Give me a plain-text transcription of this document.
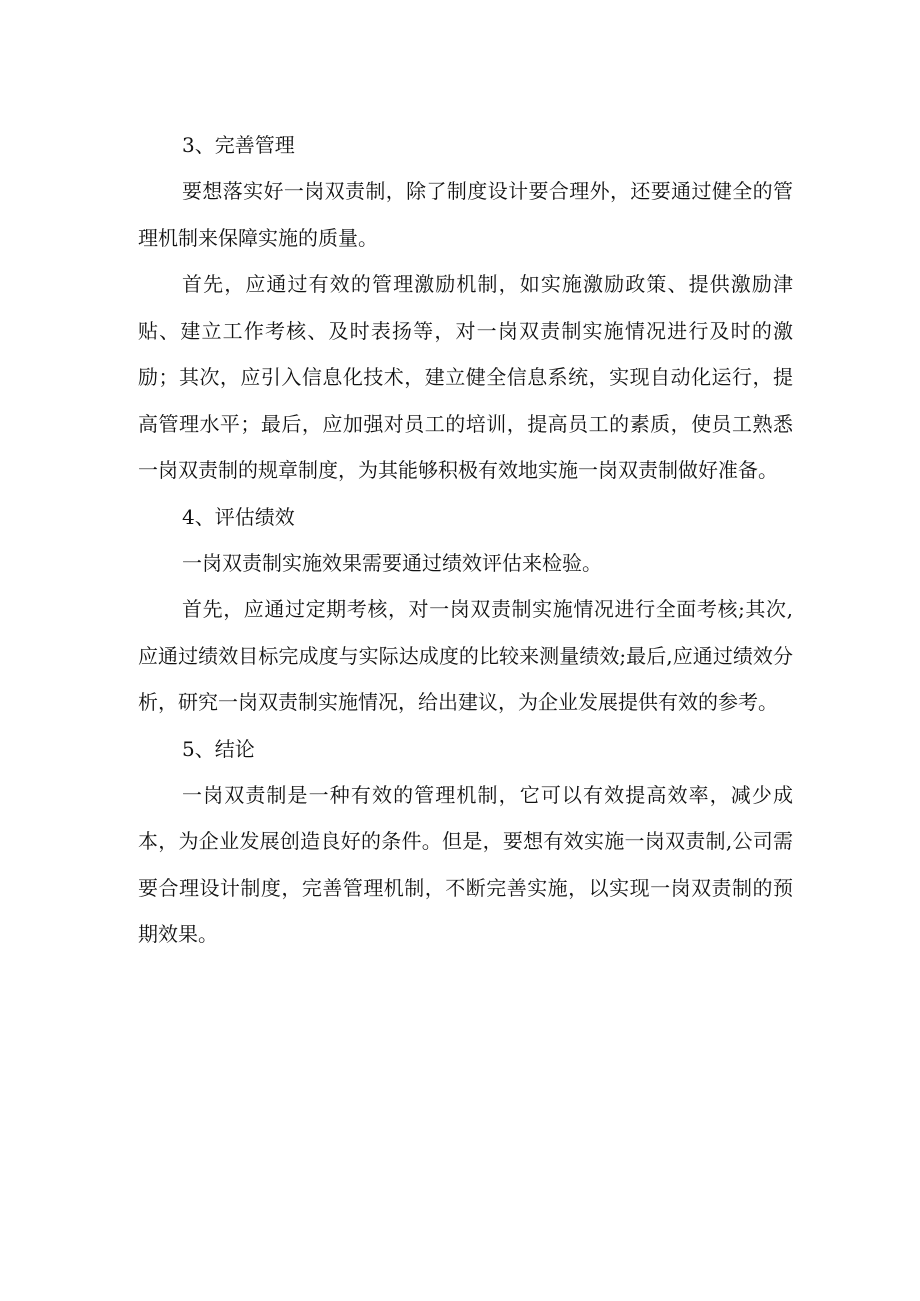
3、完善管理

要想落实好一岗双责制，除了制度设计要合理外，还要通过健全的管理机制来保障实施的质量。

首先，应通过有效的管理激励机制，如实施激励政策、提供激励津贴、建立工作考核、及时表扬等，对一岗双责制实施情况进行及时的激励；其次，应引入信息化技术，建立健全信息系统，实现自动化运行，提高管理水平；最后，应加强对员工的培训，提高员工的素质，使员工熟悉一岗双责制的规章制度，为其能够积极有效地实施一岗双责制做好准备。

4、评估绩效

一岗双责制实施效果需要通过绩效评估来检验。

首先，应通过定期考核，对一岗双责制实施情况进行全面考核;其次,应通过绩效目标完成度与实际达成度的比较来测量绩效;最后,应通过绩效分析，研究一岗双责制实施情况，给出建议，为企业发展提供有效的参考。

5、结论

一岗双责制是一种有效的管理机制，它可以有效提高效率，减少成本，为企业发展创造良好的条件。但是，要想有效实施一岗双责制,公司需要合理设计制度，完善管理机制，不断完善实施，以实现一岗双责制的预期效果。
